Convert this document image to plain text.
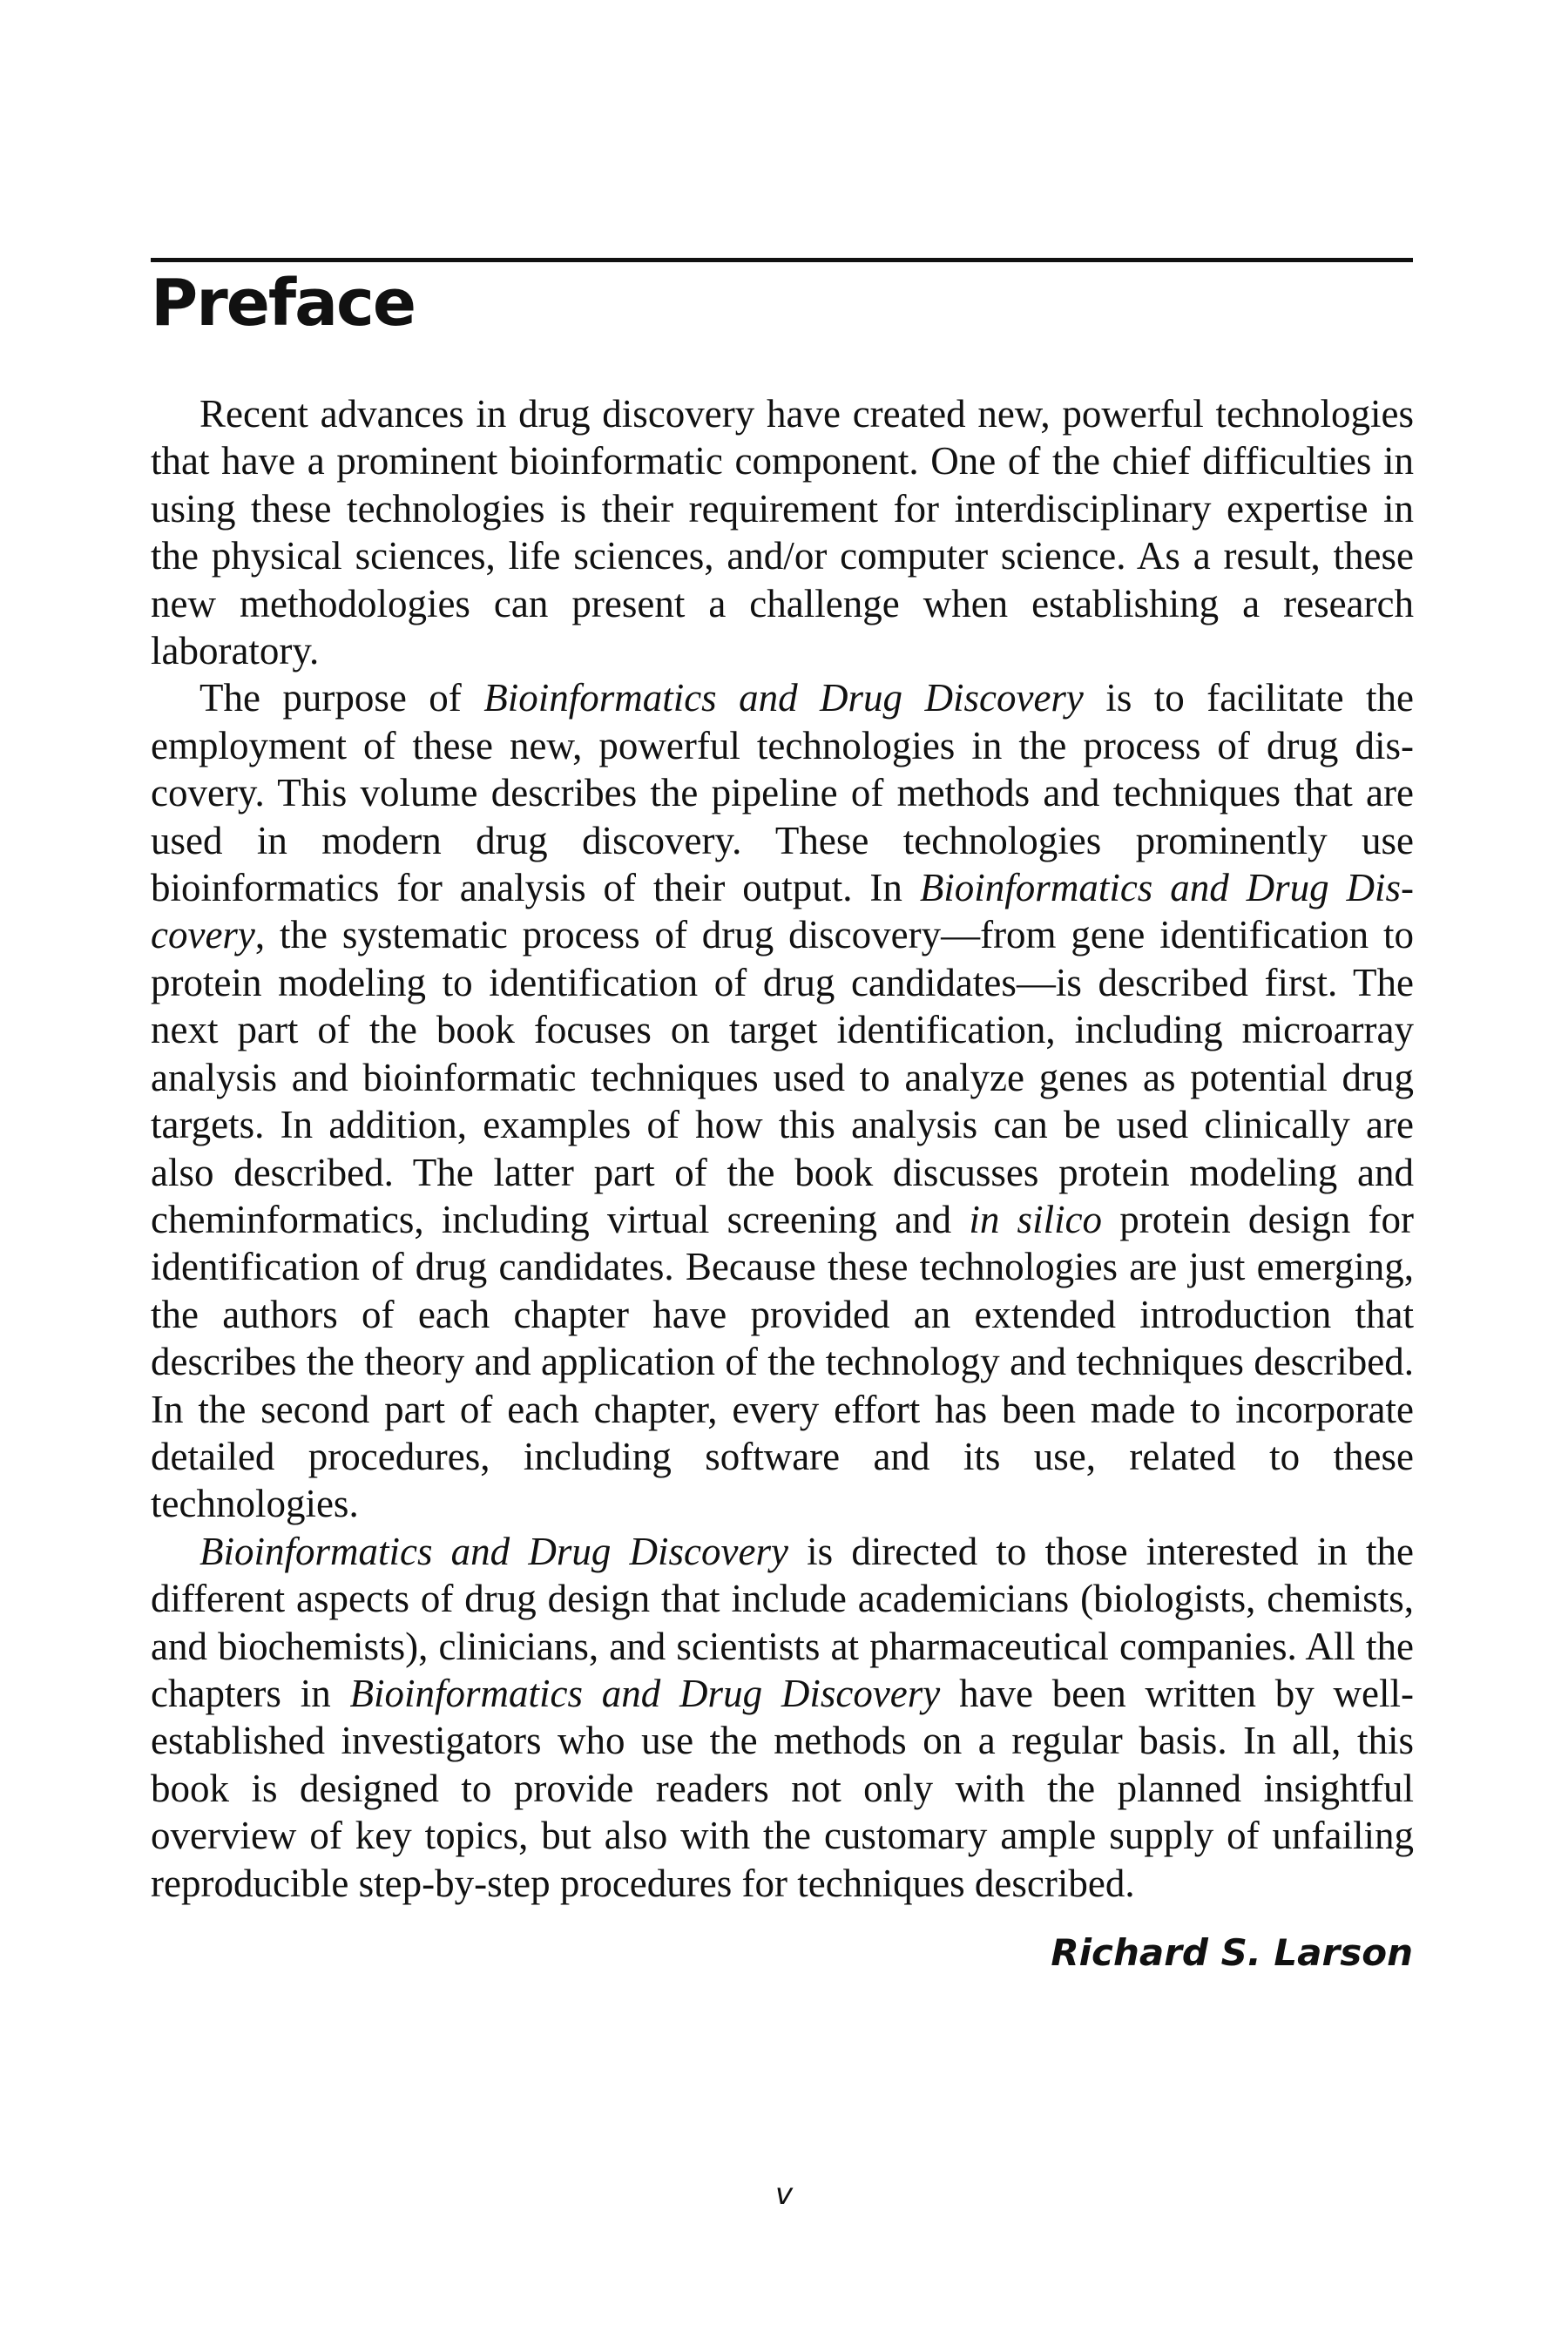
Preface

Recent advances in drug discovery have created new, powerful technologies that have a prominent bioinformatic component. One of the chief difficulties in using these technologies is their requirement for interdisciplinary expertise in the physical sciences, life sciences, and/or computer science. As a result, these new methodologies can present a challenge when establishing a research laboratory.

The purpose of Bioinformatics and Drug Discovery is to facilitate the employment of these new, powerful technologies in the process of drug discovery. This volume describes the pipeline of methods and techniques that are used in modern drug discovery. These technologies prominently use bioinformatics for analysis of their output. In Bioinformatics and Drug Discovery, the systematic process of drug discovery—from gene identification to protein modeling to identification of drug candidates—is described first. The next part of the book focuses on target identification, including microarray analysis and bioinformatic techniques used to analyze genes as potential drug targets. In addition, examples of how this analysis can be used clinically are also described. The latter part of the book discusses protein modeling and cheminformatics, including virtual screening and in silico protein design for identification of drug candidates. Because these technologies are just emerging, the authors of each chapter have provided an extended introduction that describes the theory and application of the technology and techniques described. In the second part of each chapter, every effort has been made to incorporate detailed procedures, including software and its use, related to these technologies.

Bioinformatics and Drug Discovery is directed to those interested in the different aspects of drug design that include academicians (biologists, chemists, and biochemists), clinicians, and scientists at pharmaceutical companies. All the chapters in Bioinformatics and Drug Discovery have been written by well-established investigators who use the methods on a regular basis. In all, this book is designed to provide readers not only with the planned insightful overview of key topics, but also with the customary ample supply of unfailing reproducible step-by-step procedures for techniques described.

Richard S. Larson

v
